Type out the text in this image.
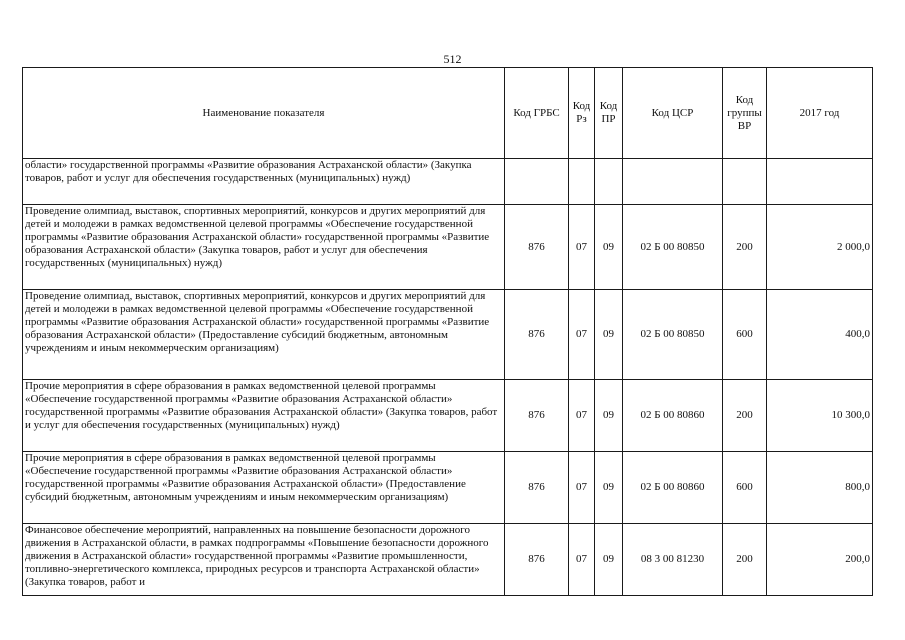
512
Наименование показателя	Код ГРБС	Код Рз	Код ПР	Код ЦСР	Код группы ВР	2017 год
области» государственной программы «Развитие образования Астраханской области» (Закупка товаров, работ и услуг для обеспечения государственных (муниципальных) нужд)						
Проведение олимпиад, выставок, спортивных мероприятий, конкурсов и других мероприятий для детей и молодежи в рамках ведомственной целевой программы «Обеспечение государственной программы «Развитие образования Астраханской области» государственной программы «Развитие образования Астраханской области» (Закупка товаров, работ и услуг для обеспечения государственных (муниципальных) нужд)	876	07	09	02 Б 00 80850	200	2 000,0
Проведение олимпиад, выставок, спортивных мероприятий, конкурсов и других мероприятий для детей и молодежи в рамках ведомственной целевой программы «Обеспечение государственной программы «Развитие образования Астраханской области» государственной программы «Развитие образования Астраханской области» (Предоставление субсидий бюджетным, автономным учреждениям и иным некоммерческим организациям)	876	07	09	02 Б 00 80850	600	400,0
Прочие мероприятия в сфере образования в рамках ведомственной целевой программы «Обеспечение государственной программы «Развитие образования Астраханской области» государственной программы «Развитие образования Астраханской области» (Закупка товаров, работ и услуг для обеспечения государственных (муниципальных) нужд)	876	07	09	02 Б 00 80860	200	10 300,0
Прочие мероприятия в сфере образования в рамках ведомственной целевой программы «Обеспечение государственной программы «Развитие образования Астраханской области» государственной программы «Развитие образования Астраханской области» (Предоставление субсидий бюджетным, автономным учреждениям и иным некоммерческим организациям)	876	07	09	02 Б 00 80860	600	800,0
Финансовое обеспечение мероприятий, направленных на повышение безопасности дорожного движения в Астраханской области, в рамках подпрограммы «Повышение безопасности дорожного движения в Астраханской области» государственной программы «Развитие промышленности, топливно-энергетического комплекса, природных ресурсов и транспорта Астраханской области» (Закупка товаров, работ и	876	07	09	08 3 00 81230	200	200,0
